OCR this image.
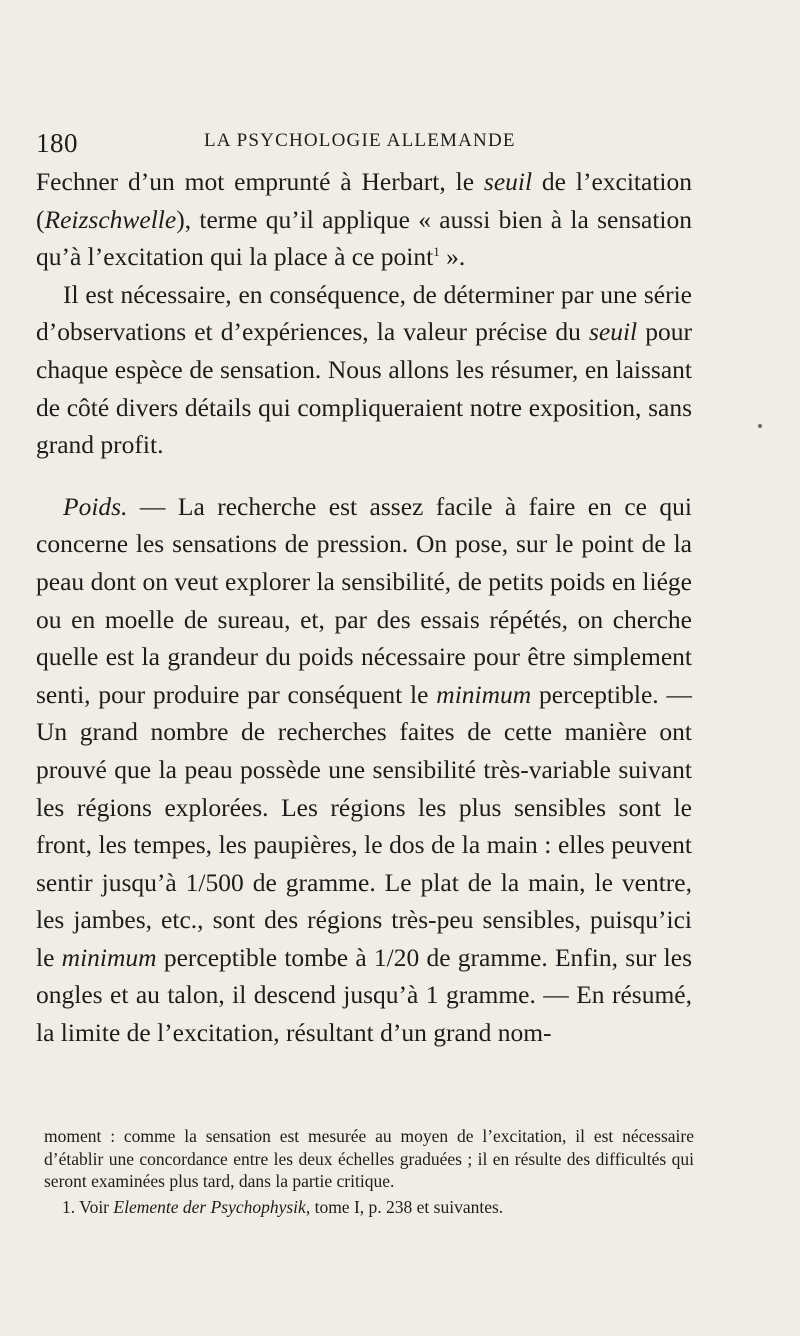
180	LA PSYCHOLOGIE ALLEMANDE

Fechner d’un mot emprunté à Herbart, le seuil de l’excitation (Reizschwelle), terme qu’il applique « aussi bien à la sensation qu’à l’excitation qui la place à ce point$^1$ ».

Il est nécessaire, en conséquence, de déterminer par une série d’observations et d’expériences, la valeur précise du seuil pour chaque espèce de sensation. Nous allons les résumer, en laissant de côté divers détails qui compliqueraient notre exposition, sans grand profit.

Poids. — La recherche est assez facile à faire en ce qui concerne les sensations de pression. On pose, sur le point de la peau dont on veut explorer la sensibilité, de petits poids en liége ou en moelle de sureau, et, par des essais répétés, on cherche quelle est la grandeur du poids nécessaire pour être simplement senti, pour produire par conséquent le minimum perceptible. — Un grand nombre de recherches faites de cette manière ont prouvé que la peau possède une sensibilité très-variable suivant les régions explorées. Les régions les plus sensibles sont le front, les tempes, les paupières, le dos de la main : elles peuvent sentir jusqu’à 1/500 de gramme. Le plat de la main, le ventre, les jambes, etc., sont des régions très-peu sensibles, puisqu’ici le minimum perceptible tombe à 1/20 de gramme. Enfin, sur les ongles et au talon, il descend jusqu’à 1 gramme. — En résumé, la limite de l’excitation, résultant d’un grand nom-

moment : comme la sensation est mesurée au moyen de l’excitation, il est nécessaire d’établir une concordance entre les deux échelles graduées ; il en résulte des difficultés qui seront examinées plus tard, dans la partie critique.

1. Voir Elemente der Psychophysik, tome I, p. 238 et suivantes.
